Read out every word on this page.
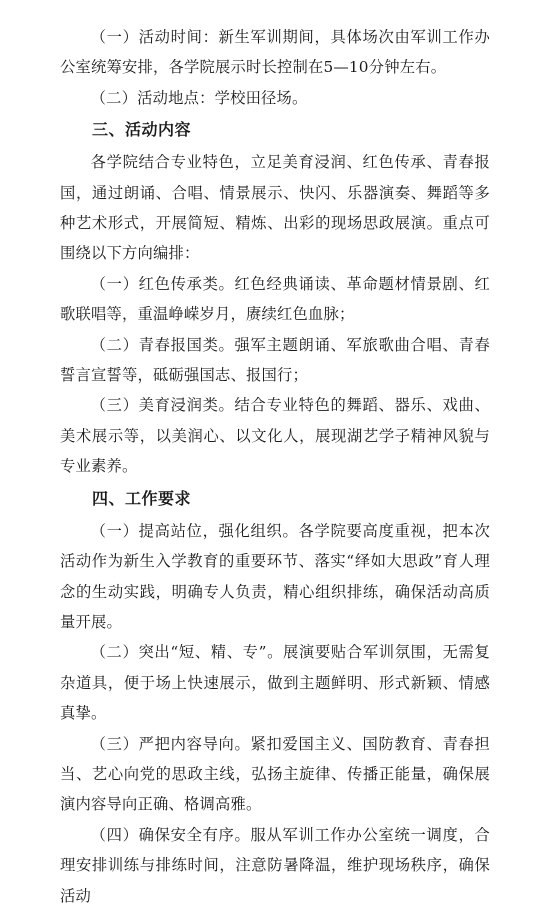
（一）活动时间：新生军训期间，具体场次由军训工作办公室统筹安排，各学院展示时长控制在5—10分钟左右。

（二）活动地点：学校田径场。

三、活动内容

各学院结合专业特色，立足美育浸润、红色传承、青春报国，通过朗诵、合唱、情景展示、快闪、乐器演奏、舞蹈等多种艺术形式，开展简短、精炼、出彩的现场思政展演。重点可围绕以下方向编排：

（一）红色传承类。红色经典诵读、革命题材情景剧、红歌联唱等，重温峥嵘岁月，赓续红色血脉；

（二）青春报国类。强军主题朗诵、军旅歌曲合唱、青春誓言宣誓等，砥砺强国志、报国行；

（三）美育浸润类。结合专业特色的舞蹈、器乐、戏曲、美术展示等，以美润心、以文化人，展现湖艺学子精神风貌与专业素养。

四、工作要求

（一）提高站位，强化组织。各学院要高度重视，把本次活动作为新生入学教育的重要环节、落实“绎如大思政”育人理念的生动实践，明确专人负责，精心组织排练，确保活动高质量开展。

（二）突出“短、精、专”。展演要贴合军训氛围，无需复杂道具，便于场上快速展示，做到主题鲜明、形式新颖、情感真挚。

（三）严把内容导向。紧扣爱国主义、国防教育、青春担当、艺心向党的思政主线，弘扬主旋律、传播正能量，确保展演内容导向正确、格调高雅。

（四）确保安全有序。服从军训工作办公室统一调度，合理安排训练与排练时间，注意防暑降温，维护现场秩序，确保活动
